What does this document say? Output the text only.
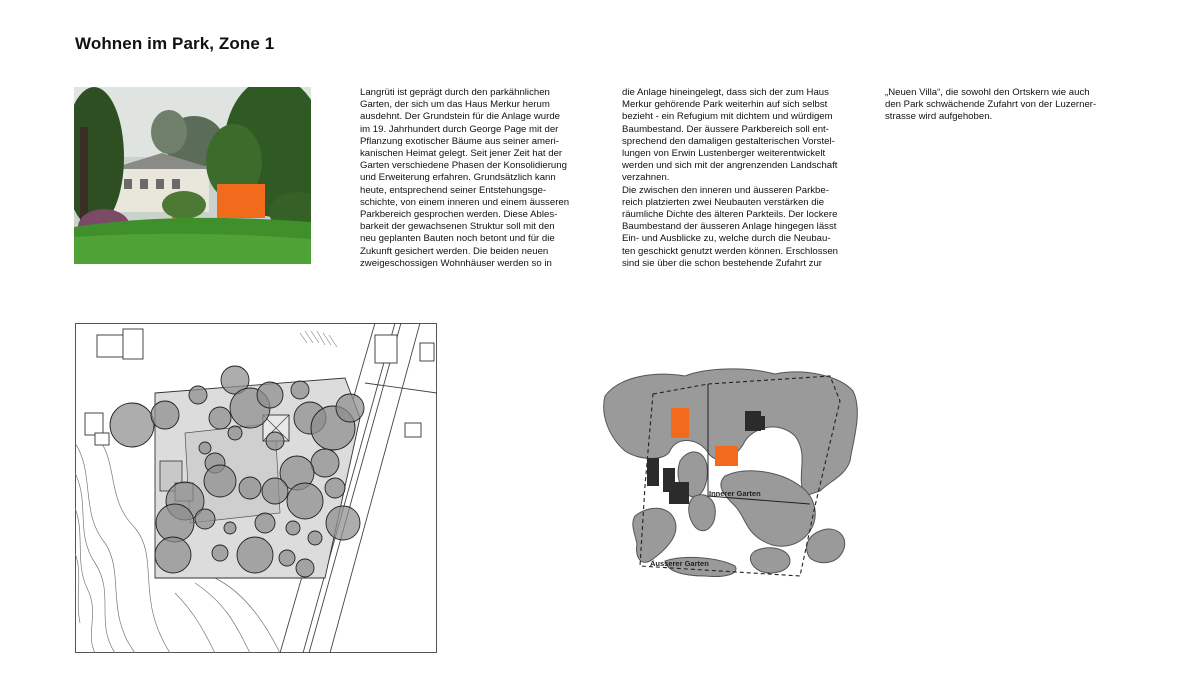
Wohnen im Park, Zone 1
Langrüti ist geprägt durch den parkähnlichen
Garten, der sich um das Haus Merkur herum
ausdehnt. Der Grundstein für die Anlage wurde
im 19. Jahrhundert durch George Page mit der
Pflanzung exotischer Bäume aus seiner ameri-
kanischen Heimat gelegt. Seit jener Zeit hat der
Garten verschiedene Phasen der Konsolidierung
und Erweiterung erfahren. Grundsätzlich kann
heute, entsprechend seiner Entstehungsge-
schichte, von einem inneren und einem äusseren
Parkbereich gesprochen werden. Diese Ables-
barkeit der gewachsenen Struktur soll mit den
neu geplanten Bauten noch betont und für die
Zukunft gesichert werden. Die beiden neuen
zweigeschossigen Wohnhäuser werden so in
die Anlage hineingelegt, dass sich der zum Haus
Merkur gehörende Park weiterhin auf sich selbst
bezieht - ein Refugium mit dichtem und würdigem
Baumbestand. Der äussere Parkbereich soll ent-
sprechend den damaligen gestalterischen Vorstel-
lungen von Erwin Lustenberger weiterentwickelt
werden und sich mit der angrenzenden Landschaft
verzahnen.
Die zwischen den inneren und äusseren Parkbe-
reich platzierten zwei Neubauten verstärken die
räumliche Dichte des älteren Parkteils. Der lockere
Baumbestand der äusseren Anlage hingegen lässt
Ein- und Ausblicke zu, welche durch die Neubau-
ten geschickt genutzt werden können. Erschlossen
sind sie über die schon bestehende Zufahrt zur
„Neuen Villa“, die sowohl den Ortskern wie auch
den Park schwächende Zufahrt von der Luzerner-
strasse wird aufgehoben.
Innerer Garten
Äusserer Garten
